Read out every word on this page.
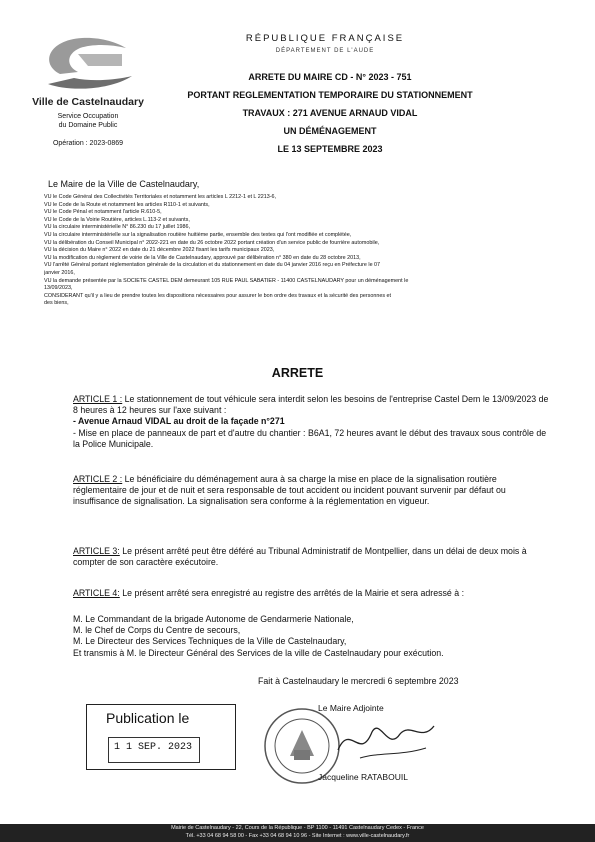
Ville de Castelnaudary
Service Occupation
du Domaine Public
Opération : 2023-0869
RÉPUBLIQUE FRANÇAISE
DÉPARTEMENT DE L'AUDE
ARRETE DU MAIRE CD - N° 2023 - 751
PORTANT REGLEMENTATION TEMPORAIRE DU STATIONNEMENT
TRAVAUX : 271 AVENUE ARNAUD VIDAL
UN DÉMÉNAGEMENT
LE 13 SEPTEMBRE 2023
Le Maire de la Ville de Castelnaudary,
VU le Code Général des Collectivités Territoriales et notamment les articles L 2212-1 et L 2213-6,
VU le Code de la Route et notamment les articles R110-1 et suivants,
VU le Code Pénal et notamment l'article R.610-5,
VU le Code de la Voirie Routière, articles L.113-2 et suivants,
VU la circulaire interministérielle N° 86.230 du 17 juillet 1986,
VU la circulaire interministérielle sur la signalisation routière huitième partie, ensemble des textes qui l'ont modifiée et complétée,
VU la délibération du Conseil Municipal n° 2022-221 en date du 26 octobre 2022 portant création d'un service public de fourrière automobile,
VU la décision du Maire n° 2022 en date du 21 décembre 2022 fixant les tarifs municipaux 2023,
VU la modification du règlement de voirie de la Ville de Castelnaudary, approuvé par délibération n° 380 en date du 28 octobre 2013,
VU l'arrêté Général portant réglementation générale de la circulation et du stationnement en date du 04 janvier 2016 reçu en Préfecture le 07
janvier 2016,
VU la demande présentée par la SOCIETE CASTEL DEM demeurant 105 RUE PAUL SABATIER - 11400 CASTELNAUDARY pour un déménagement le
13/09/2023,
CONSIDERANT qu'il y a lieu de prendre toutes les dispositions nécessaires pour assurer le bon ordre des travaux et la sécurité des personnes et
des biens,
ARRETE
ARTICLE 1 : Le stationnement de tout véhicule sera interdit selon les besoins de l'entreprise Castel Dem le 13/09/2023 de 8 heures à 12 heures sur l'axe suivant :
- Avenue Arnaud VIDAL au droit de la façade n°271
- Mise en place de panneaux de part et d'autre du chantier : B6A1, 72 heures avant le début des travaux sous contrôle de la Police Municipale.
ARTICLE 2 : Le bénéficiaire du déménagement aura à sa charge la mise en place de la signalisation routière réglementaire de jour et de nuit et sera responsable de tout accident ou incident pouvant survenir par défaut ou insuffisance de signalisation. La signalisation sera conforme à la réglementation en vigueur.
ARTICLE 3: Le présent arrêté peut être déféré au Tribunal Administratif de Montpellier, dans un délai de deux mois à compter de son caractère exécutoire.
ARTICLE 4: Le présent arrêté sera enregistré au registre des arrêtés de la Mairie et sera adressé à :
M. Le Commandant de la brigade Autonome de Gendarmerie Nationale,
M. le Chef de Corps du Centre de secours,
M. Le Directeur des Services Techniques de la Ville de Castelnaudary,
Et transmis à M. le Directeur Général des Services de la ville de Castelnaudary pour exécution.
Fait à Castelnaudary le mercredi 6 septembre 2023
Publication le
1 1 SEP. 2023
Le Maire Adjointe
Jacqueline RATABOUIL
Mairie de Castelnaudary - 22, Cours de la République - BP 1100 - 11491 Castelnaudary Cedex - France
Tél. +33 04 68 94 58 00 - Fax +33 04 68 94 10 96 - Site Internet : www.ville-castelnaudary.fr
